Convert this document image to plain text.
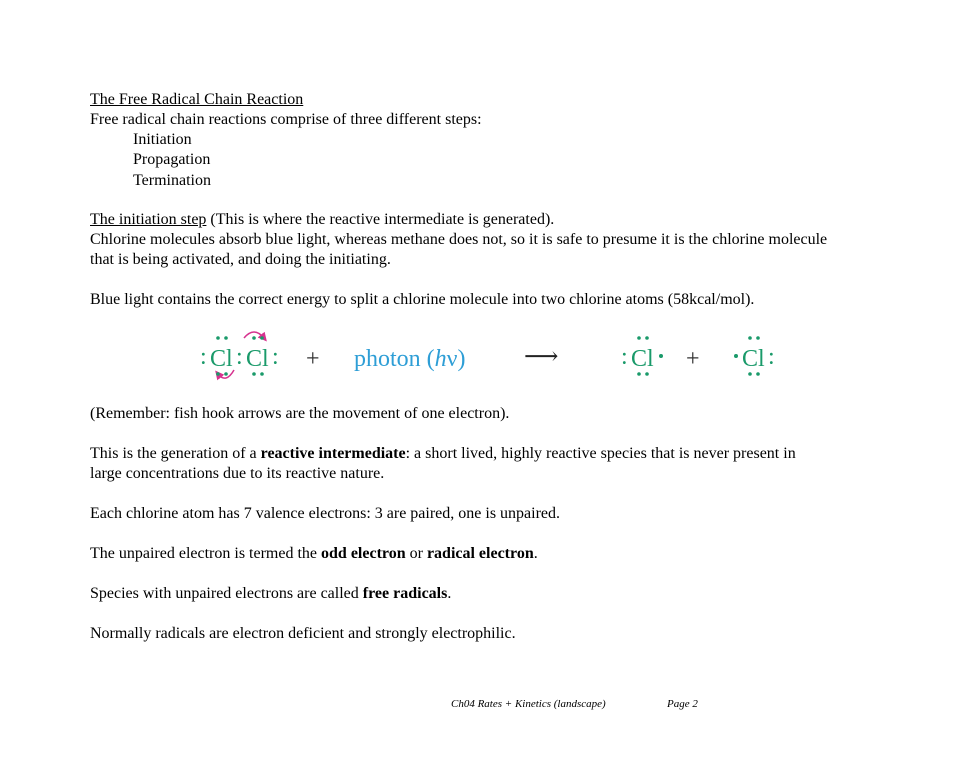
The Free Radical Chain Reaction
Free radical chain reactions comprise of three different steps:
Initiation
Propagation
Termination
The initiation step (This is where the reactive intermediate is generated).
Chlorine molecules absorb blue light, whereas methane does not, so it is safe to presume it is the chlorine molecule
that is being activated, and doing the initiating.
Blue light contains the correct energy to split a chlorine molecule into two chlorine atoms (58kcal/mol).
: Cl : Cl : + photon (hν) ⟶	: Cl + Cl :
(Remember: fish hook arrows are the movement of one electron).
This is the generation of a reactive intermediate: a short lived, highly reactive species that is never present in
large concentrations due to its reactive nature.
Each chlorine atom has 7 valence electrons: 3 are paired, one is unpaired.
The unpaired electron is termed the odd electron or radical electron.
Species with unpaired electrons are called free radicals.
Normally radicals are electron deficient and strongly electrophilic.
Ch04 Rates + Kinetics (landscape)	Page 2
